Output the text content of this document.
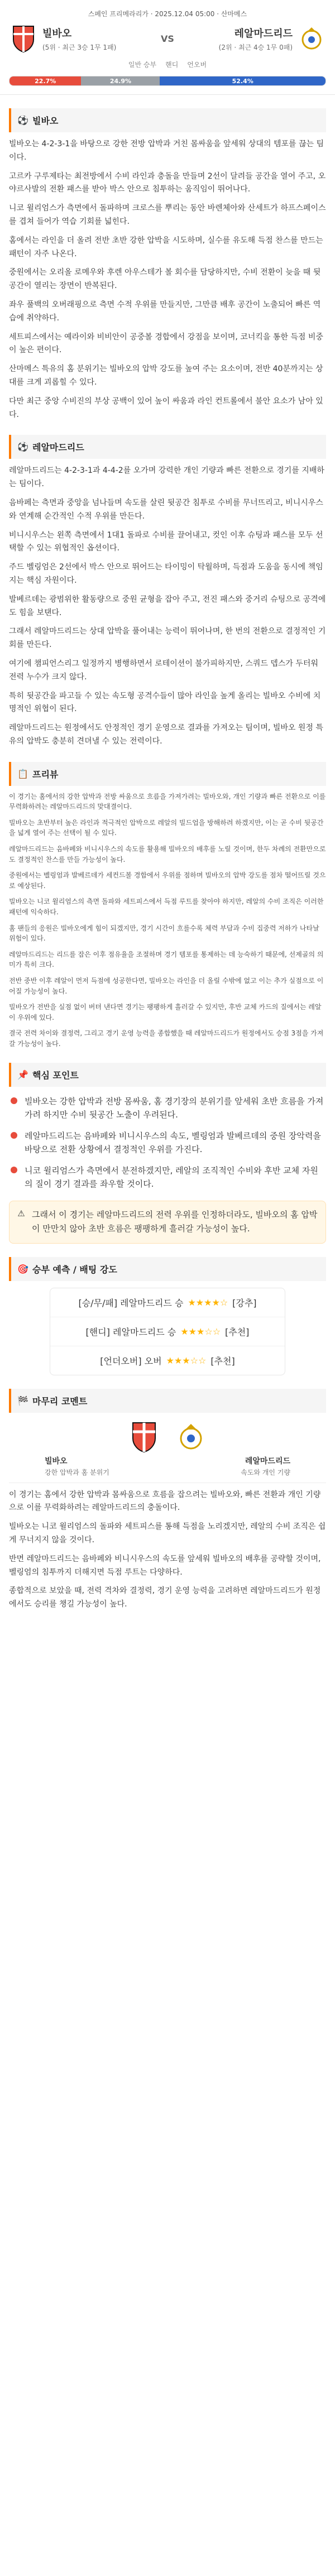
스페인 프리메라리가 · 2025.12.04 05:00 · 산마메스
빌바오
(5위 · 최근 3승 1무 1패)
VS	레알마드리드
(2위 · 최근 4승 1무 0패)
일반 승부 핸디 언오버
22.7%	24.9%	52.4%
⚽ 빌바오

빌바오는 4-2-3-1을 바탕으로 강한 전방 압박과 거친 몸싸움을 앞세워 상대의 템포를 끊는 팀이다.

고르카 구루제타는 최전방에서 수비 라인과 충돌을 만들며 2선이 달려들 공간을 열어 주고, 오야르사발의 전환 패스를 받아 박스 안으로 침투하는 움직임이 뛰어나다.

니코 윌리엄스가 측면에서 돌파하며 크로스를 뿌리는 동안 바렌체아와 산세트가 하프스페이스를 겹쳐 들어가 역습 기회를 넓힌다.

홈에서는 라인을 더 올려 전반 초반 강한 압박을 시도하며, 실수를 유도해 득점 찬스를 만드는 패턴이 자주 나온다.

중원에서는 오리올 로메우와 후렌 아우스테가 볼 회수를 담당하지만, 수비 전환이 늦을 때 뒷공간이 열리는 장면이 반복된다.

좌우 풀백의 오버래핑으로 측면 수적 우위를 만들지만, 그만큼 배후 공간이 노출되어 빠른 역습에 취약하다.

세트피스에서는 예라이와 비비안이 공중볼 경합에서 강점을 보이며, 코너킥을 통한 득점 비중이 높은 편이다.

산마메스 특유의 홈 분위기는 빌바오의 압박 강도를 높여 주는 요소이며, 전반 40분까지는 상대를 크게 괴롭힐 수 있다.

다만 최근 중앙 수비진의 부상 공백이 있어 높이 싸움과 라인 컨트롤에서 불안 요소가 남아 있다.

⚽ 레알마드리드

레알마드리드는 4-2-3-1과 4-4-2를 오가며 강력한 개인 기량과 빠른 전환으로 경기를 지배하는 팀이다.

음바페는 측면과 중앙을 넘나들며 속도를 살린 뒷공간 침투로 수비를 무너뜨리고, 비니시우스와 연계해 순간적인 수적 우위를 만든다.

비니시우스는 왼쪽 측면에서 1대1 돌파로 수비를 끌어내고, 컷인 이후 슈팅과 패스를 모두 선택할 수 있는 위협적인 옵션이다.

주드 벨링엄은 2선에서 박스 안으로 뛰어드는 타이밍이 탁월하며, 득점과 도움을 동시에 책임지는 핵심 자원이다.

발베르데는 광범위한 활동량으로 중원 균형을 잡아 주고, 전진 패스와 중거리 슈팅으로 공격에도 힘을 보탠다.

그래서 레알마드리드는 상대 압박을 풀어내는 능력이 뛰어나며, 한 번의 전환으로 결정적인 기회를 만든다.

여기에 챔피언스리그 일정까지 병행하면서 로테이션이 불가피하지만, 스쿼드 뎁스가 두터워 전력 누수가 크지 않다.

특히 뒷공간을 파고들 수 있는 속도형 공격수들이 많아 라인을 높게 올리는 빌바오 수비에 치명적인 위협이 된다.

레알마드리드는 원정에서도 안정적인 경기 운영으로 결과를 가져오는 팀이며, 빌바오 원정 특유의 압박도 충분히 견뎌낼 수 있는 전력이다.

📋 프리뷰

이 경기는 홈에서의 강한 압박과 전방 싸움으로 흐름을 가져가려는 빌바오와, 개인 기량과 빠른 전환으로 이를 무력화하려는 레알마드리드의 맞대결이다.

빌바오는 초반부터 높은 라인과 적극적인 압박으로 레알의 빌드업을 방해하려 하겠지만, 이는 곧 수비 뒷공간을 넓게 열어 주는 선택이 될 수 있다.

레알마드리드는 음바페와 비니시우스의 속도를 활용해 빌바오의 배후를 노릴 것이며, 한두 차례의 전환만으로도 결정적인 찬스를 만들 가능성이 높다.

중원에서는 벨링엄과 발베르데가 세컨드볼 경합에서 우위를 점하며 빌바오의 압박 강도를 점차 떨어뜨릴 것으로 예상된다.

빌바오는 니코 윌리엄스의 측면 돌파와 세트피스에서 득점 루트를 찾아야 하지만, 레알의 수비 조직은 이러한 패턴에 익숙하다.

홈 팬들의 응원은 빌바오에게 힘이 되겠지만, 경기 시간이 흐를수록 체력 부담과 수비 집중력 저하가 나타날 위험이 있다.

레알마드리드는 리드를 잡은 이후 점유율을 조절하며 경기 템포를 통제하는 데 능숙하기 때문에, 선제골의 의미가 특히 크다.

전반 중반 이후 레알이 먼저 득점에 성공한다면, 빌바오는 라인을 더 올릴 수밖에 없고 이는 추가 실점으로 이어질 가능성이 높다.

빌바오가 전반을 실점 없이 버텨 낸다면 경기는 팽팽하게 흘러갈 수 있지만, 후반 교체 카드의 질에서는 레알이 우위에 있다.

결국 전력 차이와 결정력, 그리고 경기 운영 능력을 종합했을 때 레알마드리드가 원정에서도 승점 3점을 가져갈 가능성이 높다.

📌 핵심 포인트
빌바오는 강한 압박과 전방 몸싸움, 홈 경기장의 분위기를 앞세워 초반 흐름을 가져가려 하지만 수비 뒷공간 노출이 우려된다.
레알마드리드는 음바페와 비니시우스의 속도, 벨링엄과 발베르데의 중원 장악력을 바탕으로 전환 상황에서 결정적인 우위를 가진다.
니코 윌리엄스가 측면에서 분전하겠지만, 레알의 조직적인 수비와 후반 교체 자원의 질이 경기 결과를 좌우할 것이다.
⚠ 그래서 이 경기는 레알마드리드의 전력 우위를 인정하더라도, 빌바오의 홈 압박이 만만치 않아 초반 흐름은 팽팽하게 흘러갈 가능성이 높다.
🎯 승부 예측 / 배팅 강도
[승/무/패] 레알마드리드 승 ★★★★☆ [강추]
[핸디] 레알마드리드 승 ★★★☆☆ [추천]
[언더오버] 오버 ★★★☆☆ [추천]
🏁 마무리 코멘트
빌바오	레알마드리드
강한 압박과 홈 분위기	속도와 개인 기량

이 경기는 홈에서 강한 압박과 몸싸움으로 흐름을 잡으려는 빌바오와, 빠른 전환과 개인 기량으로 이를 무력화하려는 레알마드리드의 충돌이다.

빌바오는 니코 윌리엄스의 돌파와 세트피스를 통해 득점을 노리겠지만, 레알의 수비 조직은 쉽게 무너지지 않을 것이다.

반면 레알마드리드는 음바페와 비니시우스의 속도를 앞세워 빌바오의 배후를 공략할 것이며, 벨링엄의 침투까지 더해지면 득점 루트는 다양하다.

종합적으로 보았을 때, 전력 격차와 결정력, 경기 운영 능력을 고려하면 레알마드리드가 원정에서도 승리를 챙길 가능성이 높다.
